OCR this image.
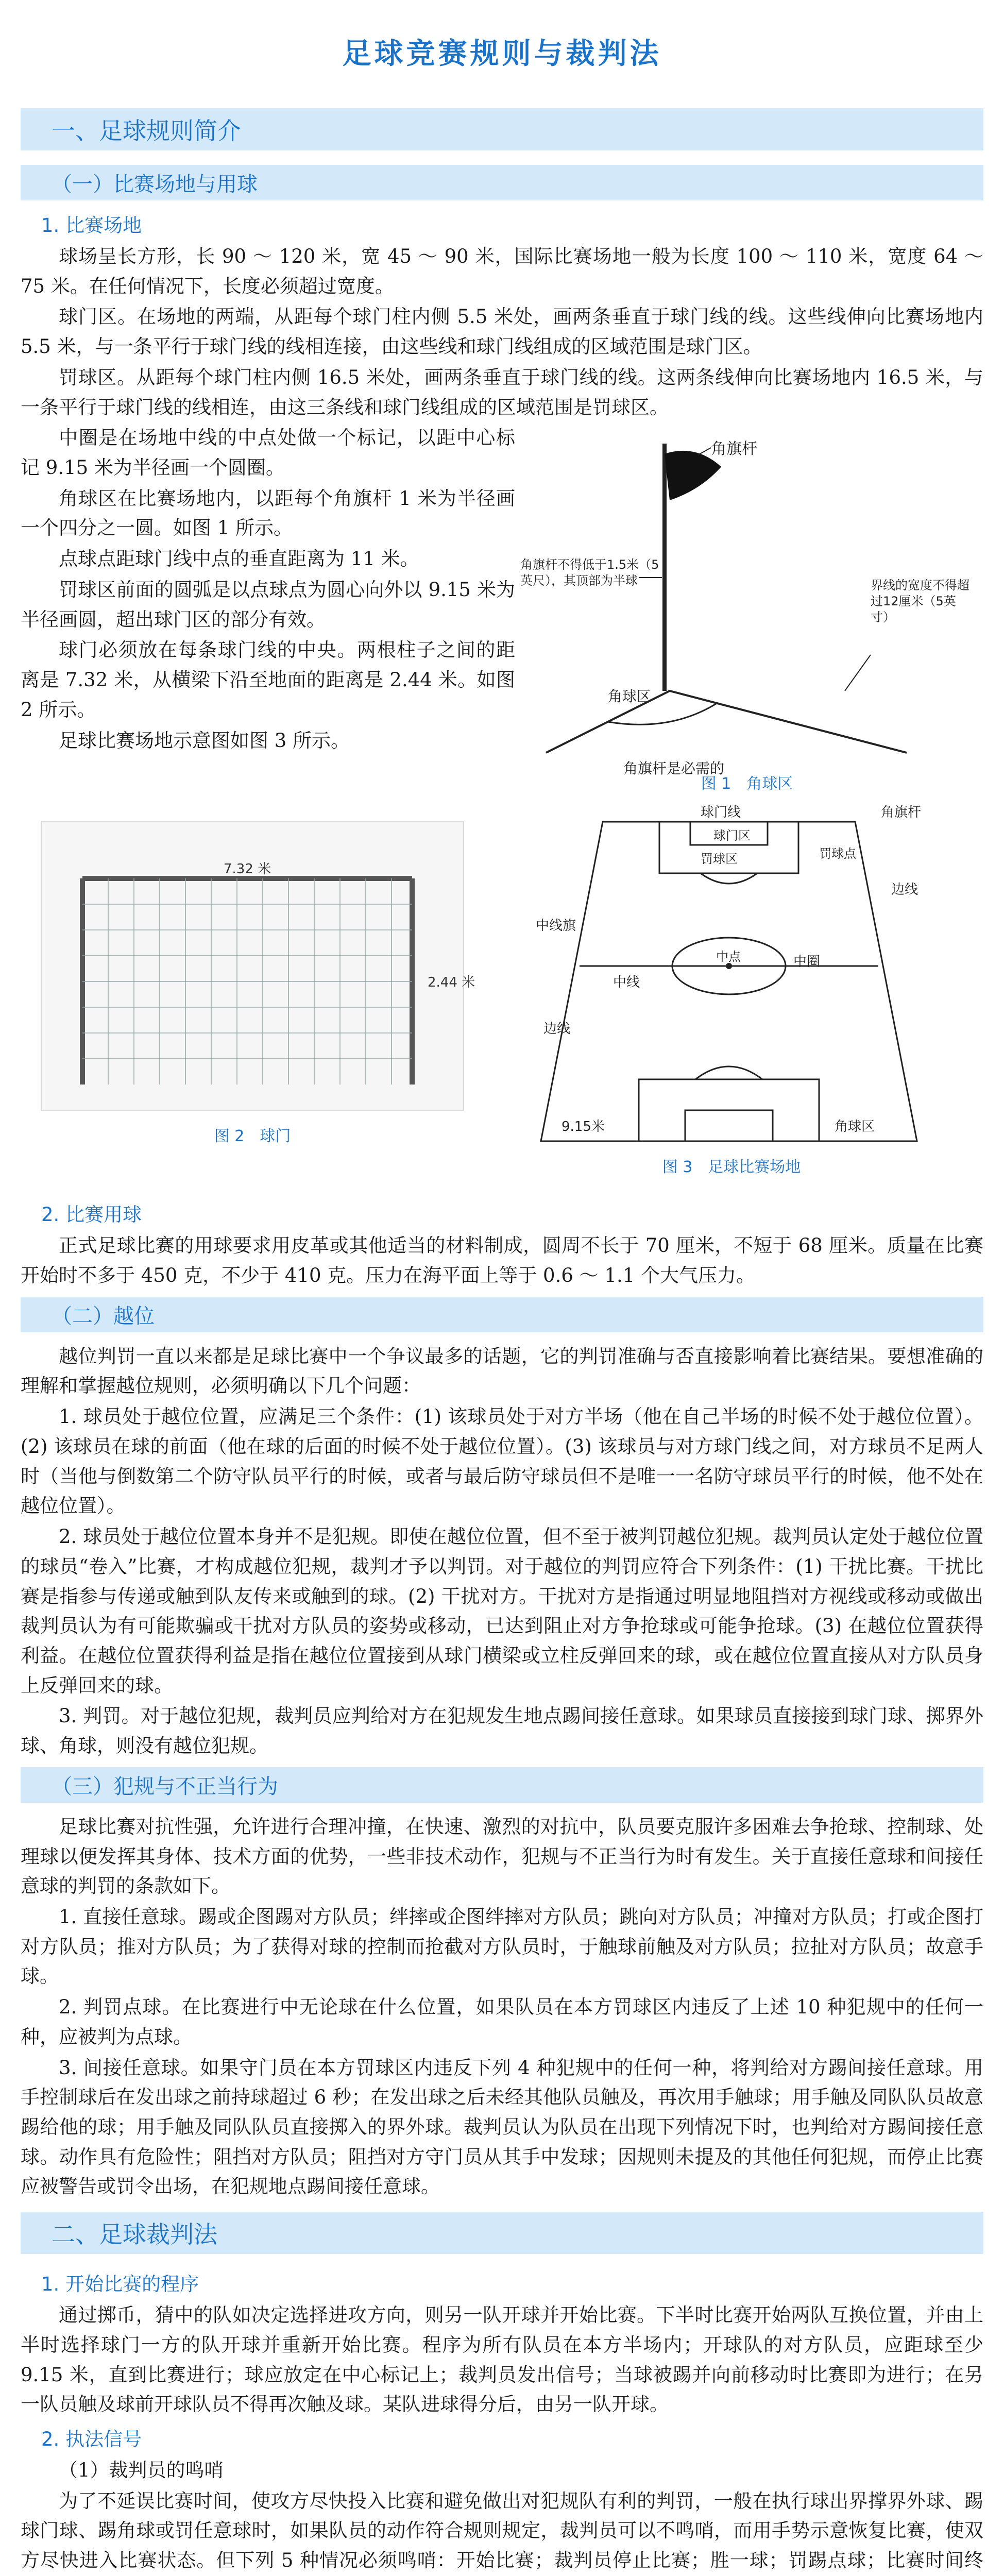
足球竞赛规则与裁判法
一、足球规则简介
（一）比赛场地与用球
1. 比赛场地

球场呈长方形，长 90 ～ 120 米，宽 45 ～ 90 米，国际比赛场地一般为长度 100 ～ 110 米，宽度 64 ～ 75 米。在任何情况下，长度必须超过宽度。

球门区。在场地的两端，从距每个球门柱内侧 5.5 米处，画两条垂直于球门线的线。这些线伸向比赛场地内 5.5 米，与一条平行于球门线的线相连接，由这些线和球门线组成的区域范围是球门区。

罚球区。从距每个球门柱内侧 16.5 米处，画两条垂直于球门线的线。这两条线伸向比赛场地内 16.5 米，与一条平行于球门线的线相连，由这三条线和球门线组成的区域范围是罚球区。

中圈是在场地中线的中点处做一个标记，以距中心标记 9.15 米为半径画一个圆圈。

角球区在比赛场地内，以距每个角旗杆 1 米为半径画一个四分之一圆。如图 1 所示。

点球点距球门线中点的垂直距离为 11 米。

罚球区前面的圆弧是以点球点为圆心向外以 9.15 米为半径画圆，超出球门区的部分有效。

球门必须放在每条球门线的中央。两根柱子之间的距离是 7.32 米，从横梁下沿至地面的距离是 2.44 米。如图 2 所示。

足球比赛场地示意图如图 3 所示。

角旗杆
角旗杆不得低于1.5米（5英尺），其顶部为半球	界线的宽度不得超过12厘米（5英寸）
角球区
角旗杆是必需的
图 1　角球区
7.32 米
2.44 米
图 2　球门
球门线
球门区
罚球区	罚球点
角旗杆
边线
中线旗
中线
中点	中圈
边线
9.15米	角球区
图 3　足球比赛场地
2. 比赛用球

正式足球比赛的用球要求用皮革或其他适当的材料制成，圆周不长于 70 厘米，不短于 68 厘米。质量在比赛开始时不多于 450 克，不少于 410 克。压力在海平面上等于 0.6 ～ 1.1 个大气压力。

（二）越位

越位判罚一直以来都是足球比赛中一个争议最多的话题，它的判罚准确与否直接影响着比赛结果。要想准确的理解和掌握越位规则，必须明确以下几个问题：

1. 球员处于越位位置，应满足三个条件：(1) 该球员处于对方半场（他在自己半场的时候不处于越位位置）。(2) 该球员在球的前面（他在球的后面的时候不处于越位位置）。(3) 该球员与对方球门线之间，对方球员不足两人时（当他与倒数第二个防守队员平行的时候，或者与最后防守球员但不是唯一一名防守球员平行的时候，他不处在越位位置）。

2. 球员处于越位位置本身并不是犯规。即使在越位位置，但不至于被判罚越位犯规。裁判员认定处于越位位置的球员“卷入”比赛，才构成越位犯规，裁判才予以判罚。对于越位的判罚应符合下列条件：(1) 干扰比赛。干扰比赛是指参与传递或触到队友传来或触到的球。(2) 干扰对方。干扰对方是指通过明显地阻挡对方视线或移动或做出裁判员认为有可能欺骗或干扰对方队员的姿势或移动，已达到阻止对方争抢球或可能争抢球。(3) 在越位位置获得利益。在越位位置获得利益是指在越位位置接到从球门横梁或立柱反弹回来的球，或在越位位置直接从对方队员身上反弹回来的球。

3. 判罚。对于越位犯规，裁判员应判给对方在犯规发生地点踢间接任意球。如果球员直接接到球门球、掷界外球、角球，则没有越位犯规。

（三）犯规与不正当行为

足球比赛对抗性强，允许进行合理冲撞，在快速、激烈的对抗中，队员要克服许多困难去争抢球、控制球、处理球以便发挥其身体、技术方面的优势，一些非技术动作，犯规与不正当行为时有发生。关于直接任意球和间接任意球的判罚的条款如下。

1. 直接任意球。踢或企图踢对方队员；绊摔或企图绊摔对方队员；跳向对方队员；冲撞对方队员；打或企图打对方队员；推对方队员；为了获得对球的控制而抢截对方队员时，于触球前触及对方队员；拉扯对方队员；故意手球。

2. 判罚点球。在比赛进行中无论球在什么位置，如果队员在本方罚球区内违反了上述 10 种犯规中的任何一种，应被判为点球。

3. 间接任意球。如果守门员在本方罚球区内违反下列 4 种犯规中的任何一种，将判给对方踢间接任意球。用手控制球后在发出球之前持球超过 6 秒；在发出球之后未经其他队员触及，再次用手触球；用手触及同队队员故意踢给他的球；用手触及同队队员直接掷入的界外球。裁判员认为队员在出现下列情况下时，也判给对方踢间接任意球。动作具有危险性；阻挡对方队员；阻挡对方守门员从其手中发球；因规则未提及的其他任何犯规，而停止比赛应被警告或罚令出场，在犯规地点踢间接任意球。

二、足球裁判法
1. 开始比赛的程序

通过掷币，猜中的队如决定选择进攻方向，则另一队开球并开始比赛。下半时比赛开始两队互换位置，并由上半时选择球门一方的队开球并重新开始比赛。程序为所有队员在本方半场内；开球队的对方队员，应距球至少 9.15 米，直到比赛进行；球应放定在中心标记上；裁判员发出信号；当球被踢并向前移动时比赛即为进行；在另一队员触及球前开球队员不得再次触及球。某队进球得分后，由另一队开球。

2. 执法信号

（1）裁判员的鸣哨

为了不延误比赛时间，使攻方尽快投入比赛和避免做出对犯规队有利的判罚，一般在执行球出界撑界外球、踢球门球、踢角球或罚任意球时，如果队员的动作符合规则规定，裁判员可以不鸣哨，而用手势示意恢复比赛，使双方尽快进入比赛状态。但下列 5 种情况必须鸣哨：开始比赛；裁判员停止比赛；胜一球；罚踢点球；比赛时间终
